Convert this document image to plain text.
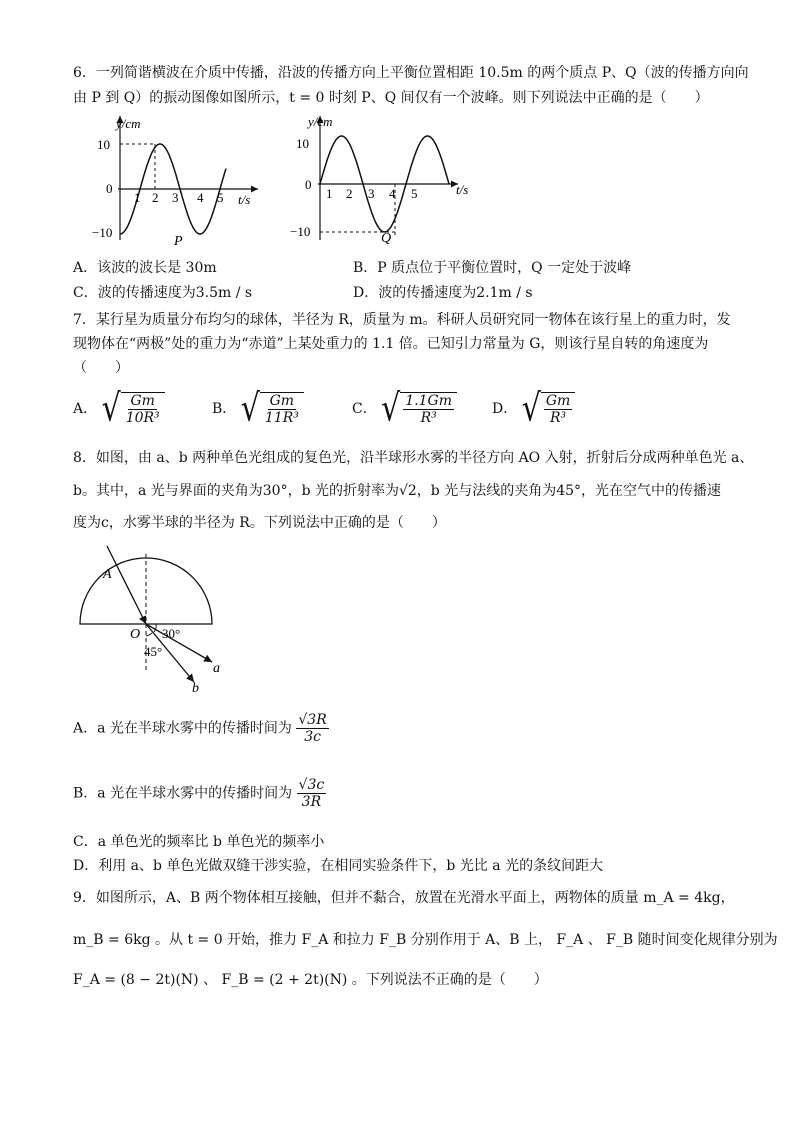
6．一列简谐横波在介质中传播，沿波的传播方向上平衡位置相距 10.5m 的两个质点 P、Q（波的传播方向向
由 P 到 Q）的振动图像如图所示，t = 0 时刻 P、Q 间仅有一个波峰。则下列说法中正确的是（　　）
y/cm
10
0
−10
1 2 3 4 5 t/s
P
y/cm
10
0
−10
1 2 3 4 5	t/s
Q
A．该波的波长是 30m	B．P 质点位于平衡位置时，Q 一定处于波峰
C．波的传播速度为3.5m / s	D．波的传播速度为2.1m / s
7．某行星为质量分布均匀的球体，半径为 R，质量为 m。科研人员研究同一物体在该行星上的重力时，发
现物体在“两极”处的重力为“赤道”上某处重力的 1.1 倍。已知引力常量为 G，则该行星自转的角速度为
（　　）
A． √ $\frac{Gm}{\text{10R³}}$	B． √ $\frac{Gm}{\text{11R³}}$	C． √ $\frac{1.1Gm}{\text{R³}}$	D． √ $\frac{Gm}{\text{R³}}$
8．如图，由 a、b 两种单色光组成的复色光，沿半球形水雾的半径方向 AO 入射，折射后分成两种单色光 a、
b。其中，a 光与界面的夹角为30°，b 光的折射率为√2，b 光与法线的夹角为45°，光在空气中的传播速
度为c，水雾半球的半径为 R。下列说法中正确的是（　　）
A
O 30°
45°
a
b
A．a 光在半球水雾中的传播时间为 $\frac{√3R}{3c}$
B．a 光在半球水雾中的传播时间为 $\frac{√3c}{3R}$
C．a 单色光的频率比 b 单色光的频率小
D．利用 a、b 单色光做双缝干涉实验，在相同实验条件下，b 光比 a 光的条纹间距大
9．如图所示，A、B 两个物体相互接触，但并不黏合，放置在光滑水平面上，两物体的质量 m_A = 4kg，
m_B = 6kg 。从 t = 0 开始，推力 F_A 和拉力 F_B 分别作用于 A、B 上， F_A 、 F_B 随时间变化规律分别为
F_A = (8 − 2t)(N) 、 F_B = (2 + 2t)(N) 。下列说法不正确的是（　　）
